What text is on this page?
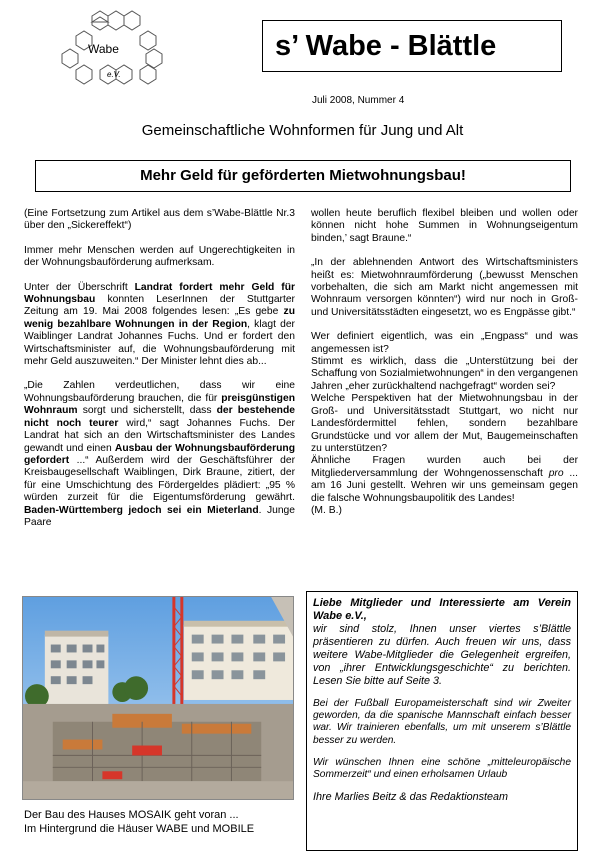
Wabe
e.V.
s’ Wabe - Blättle
Juli 2008, Nummer 4
Gemeinschaftliche Wohnformen für Jung und Alt
Mehr Geld für geförderten Mietwohnungsbau!

(Eine Fortsetzung zum Artikel aus dem s’Wabe-Blättle Nr.3 über den „Sickereffekt“)

Immer mehr Menschen werden auf Ungerechtigkeiten in der Wohnungsbauförderung aufmerksam.

Unter der Überschrift Landrat fordert mehr Geld für Wohnungsbau konnten LeserInnen der Stuttgarter Zeitung am 19. Mai 2008 folgendes lesen: „Es gebe zu wenig bezahlbare Wohnungen in der Region, klagt der Waiblinger Landrat Johannes Fuchs. Und er fordert den Wirtschaftsminister auf, die Wohnungsbauförderung mit mehr Geld auszuweiten.“ Der Minister lehnt dies ab...

„Die Zahlen verdeutlichen, dass wir eine Wohnungsbauförderung brauchen, die für preisgünstigen Wohnraum sorgt und sicherstellt, dass der bestehende nicht noch teurer wird,“ sagt Johannes Fuchs. Der Landrat hat sich an den Wirtschaftsminister des Landes gewandt und einen Ausbau der Wohnungsbauförderung gefordert ...“ Außerdem wird der Geschäftsführer der Kreisbaugesellschaft Waiblingen, Dirk Braune, zitiert, der für eine Umschichtung des Fördergeldes plädiert: „95 % würden zurzeit für die Eigentumsförderung gewährt. Baden-Württemberg jedoch sei ein Mieterland. Junge Paare

wollen heute beruflich flexibel bleiben und wollen oder können nicht hohe Summen in Wohnungseigentum binden,’ sagt Braune.“

„In der ablehnenden Antwort des Wirtschaftsministers heißt es: Mietwohnraumförderung („bewusst Menschen vorbehalten, die sich am Markt nicht angemessen mit Wohnraum versorgen könnten“) wird nur noch in Groß- und Universitätsstädten eingesetzt, wo es Engpässe gibt.“

Wer definiert eigentlich, was ein „Engpass“ und was angemessen ist?

Stimmt es wirklich, dass die „Unterstützung bei der Schaffung von Sozialmietwohnungen“ in den vergangenen Jahren „eher zurückhaltend nachgefragt“ worden sei?

Welche Perspektiven hat der Mietwohnungsbau in der Groß- und Universitätsstadt Stuttgart, wo nicht nur Landesfördermittel fehlen, sondern bezahlbare Grundstücke und vor allem der Mut, Baugemeinschaften zu unterstützen?

Ähnliche Fragen wurden auch bei der Mitgliederversammlung der Wohngenossenschaft pro ... am 16 Juni gestellt. Wehren wir uns gemeinsam gegen die falsche Wohnungsbaupolitik des Landes!

(M. B.)

Der Bau des Hauses MOSAIK geht voran ...
Im Hintergrund die Häuser WABE und MOBILE

Liebe Mitglieder und Interessierte am Verein Wabe e.V.,

wir sind stolz, Ihnen unser viertes s’Blättle präsentieren zu dürfen. Auch freuen wir uns, dass weitere Wabe-Mitglieder die Gelegenheit ergreifen, von „ihrer Entwicklungsgeschichte“ zu berichten. Lesen Sie bitte auf Seite 3.

Bei der Fußball Europameisterschaft sind wir Zweiter geworden, da die spanische Mannschaft einfach besser war. Wir trainieren ebenfalls, um mit unserem s’Blättle besser zu werden.

Wir wünschen Ihnen eine schöne „mitteleuropäische Sommerzeit“ und einen erholsamen Urlaub

Ihre Marlies Beitz & das Redaktionsteam
